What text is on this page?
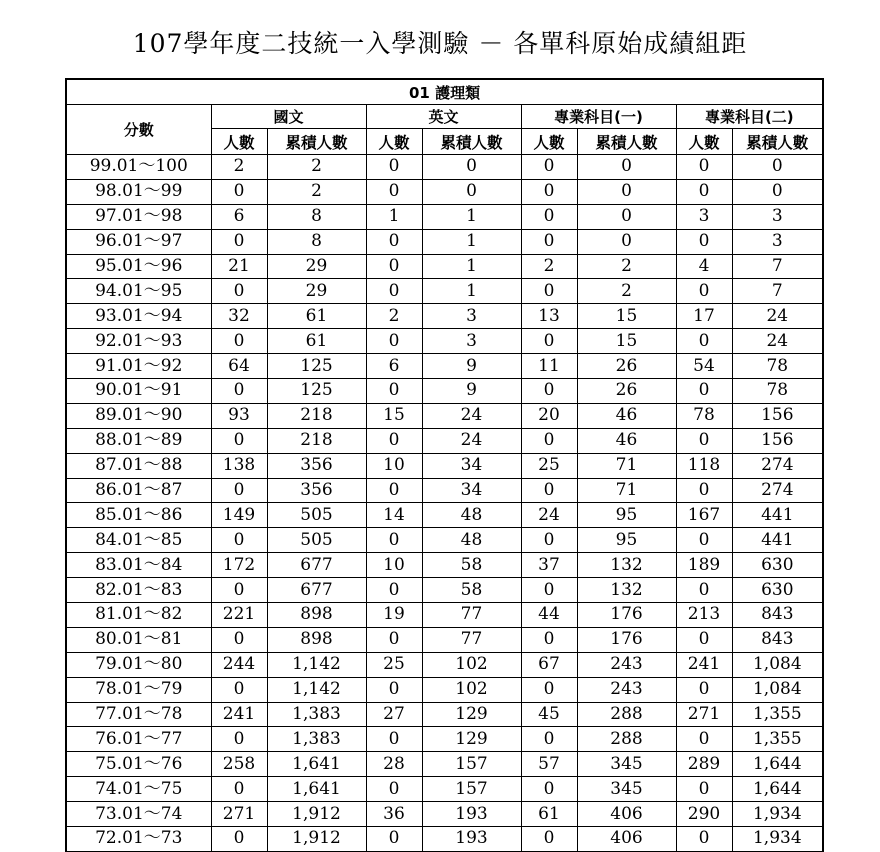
107學年度二技統一入學測驗 － 各單科原始成績組距
01 護理類								
分數	國文		英文		專業科目(一)		專業科目(二)	
	人數	累積人數	人數	累積人數	人數	累積人數	人數	累積人數
99.01～100	2	2	0	0	0	0	0	0
98.01～99	0	2	0	0	0	0	0	0
97.01～98	6	8	1	1	0	0	3	3
96.01～97	0	8	0	1	0	0	0	3
95.01～96	21	29	0	1	2	2	4	7
94.01～95	0	29	0	1	0	2	0	7
93.01～94	32	61	2	3	13	15	17	24
92.01～93	0	61	0	3	0	15	0	24
91.01～92	64	125	6	9	11	26	54	78
90.01～91	0	125	0	9	0	26	0	78
89.01～90	93	218	15	24	20	46	78	156
88.01～89	0	218	0	24	0	46	0	156
87.01～88	138	356	10	34	25	71	118	274
86.01～87	0	356	0	34	0	71	0	274
85.01～86	149	505	14	48	24	95	167	441
84.01～85	0	505	0	48	0	95	0	441
83.01～84	172	677	10	58	37	132	189	630
82.01～83	0	677	0	58	0	132	0	630
81.01～82	221	898	19	77	44	176	213	843
80.01～81	0	898	0	77	0	176	0	843
79.01～80	244	1,142	25	102	67	243	241	1,084
78.01～79	0	1,142	0	102	0	243	0	1,084
77.01～78	241	1,383	27	129	45	288	271	1,355
76.01～77	0	1,383	0	129	0	288	0	1,355
75.01～76	258	1,641	28	157	57	345	289	1,644
74.01～75	0	1,641	0	157	0	345	0	1,644
73.01～74	271	1,912	36	193	61	406	290	1,934
72.01～73	0	1,912	0	193	0	406	0	1,934
